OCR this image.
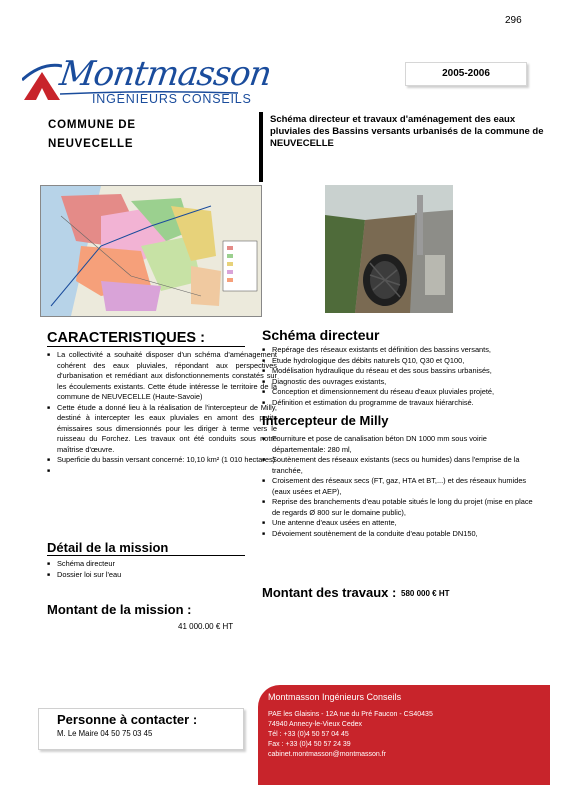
296
Montmasson
INGÉNIEURS CONSEILS
2005-2006
COMMUNE DE
NEUVECELLE
Schéma directeur et travaux d'aménagement des eaux pluviales des Bassins versants urbanisés de la commune de NEUVECELLE
CARACTERISTIQUES :
■ La collectivité a souhaité disposer d'un schéma d'aménagement cohérent des eaux pluviales, répondant aux perspectives d'urbanisation et remédiant aux disfonctionnements constatés sur les écoulements existants. Cette étude intéresse le territoire de la commune de NEUVECELLE (Haute-Savoie)
■ Cette étude a donné lieu à la réalisation de l'intercepteur de Milly, destiné à intercepter les eaux pluviales en amont des petits émissaires sous dimensionnés pour les diriger à terme vers le ruisseau du Forchez. Les travaux ont été conduits sous notre maîtrise d'œuvre.
■ Superficie du bassin versant concerné: 10,10 km² (1 010 hectares)
■
Schéma directeur
■ Repérage des réseaux existants et définition des bassins versants,
■ Etude hydrologique des débits naturels Q10, Q30 et Q100,
■ Modélisation hydraulique du réseau et des sous bassins urbanisés,
■ Diagnostic des ouvrages existants,
■ Conception et dimensionnement du réseau d'eaux pluviales projeté,
■ Définition et estimation du programme de travaux hiérarchisé.
Intercepteur de Milly
■ Fourniture et pose de canalisation béton DN 1000 mm sous voirie départementale: 280 ml,
■ Soutènement des réseaux existants (secs ou humides) dans l'emprise de la tranchée,
■ Croisement des réseaux secs (FT, gaz, HTA et BT,...) et des réseaux humides (eaux usées et AEP),
■ Reprise des branchements d'eau potable situés le long du projet (mise en place de regards Ø 800 sur le domaine public),
■ Une antenne d'eaux usées en attente,
■ Dévoiement soutènement de la conduite d'eau potable DN150,
Détail de la mission
■ Schéma directeur
■ Dossier loi sur l'eau
Montant de la mission :
41 000.00 € HT
Montant des travaux : 580 000 € HT
Personne à contacter :
M. Le Maire 04 50 75 03 45
Montmasson Ingénieurs Conseils
PAE les Glaisins - 12A rue du Pré Faucon - CS40435
74940 Annecy-le-Vieux Cedex
Tél : +33 (0)4 50 57 04 45
Fax : +33 (0)4 50 57 24 39
cabinet.montmasson@montmasson.fr
